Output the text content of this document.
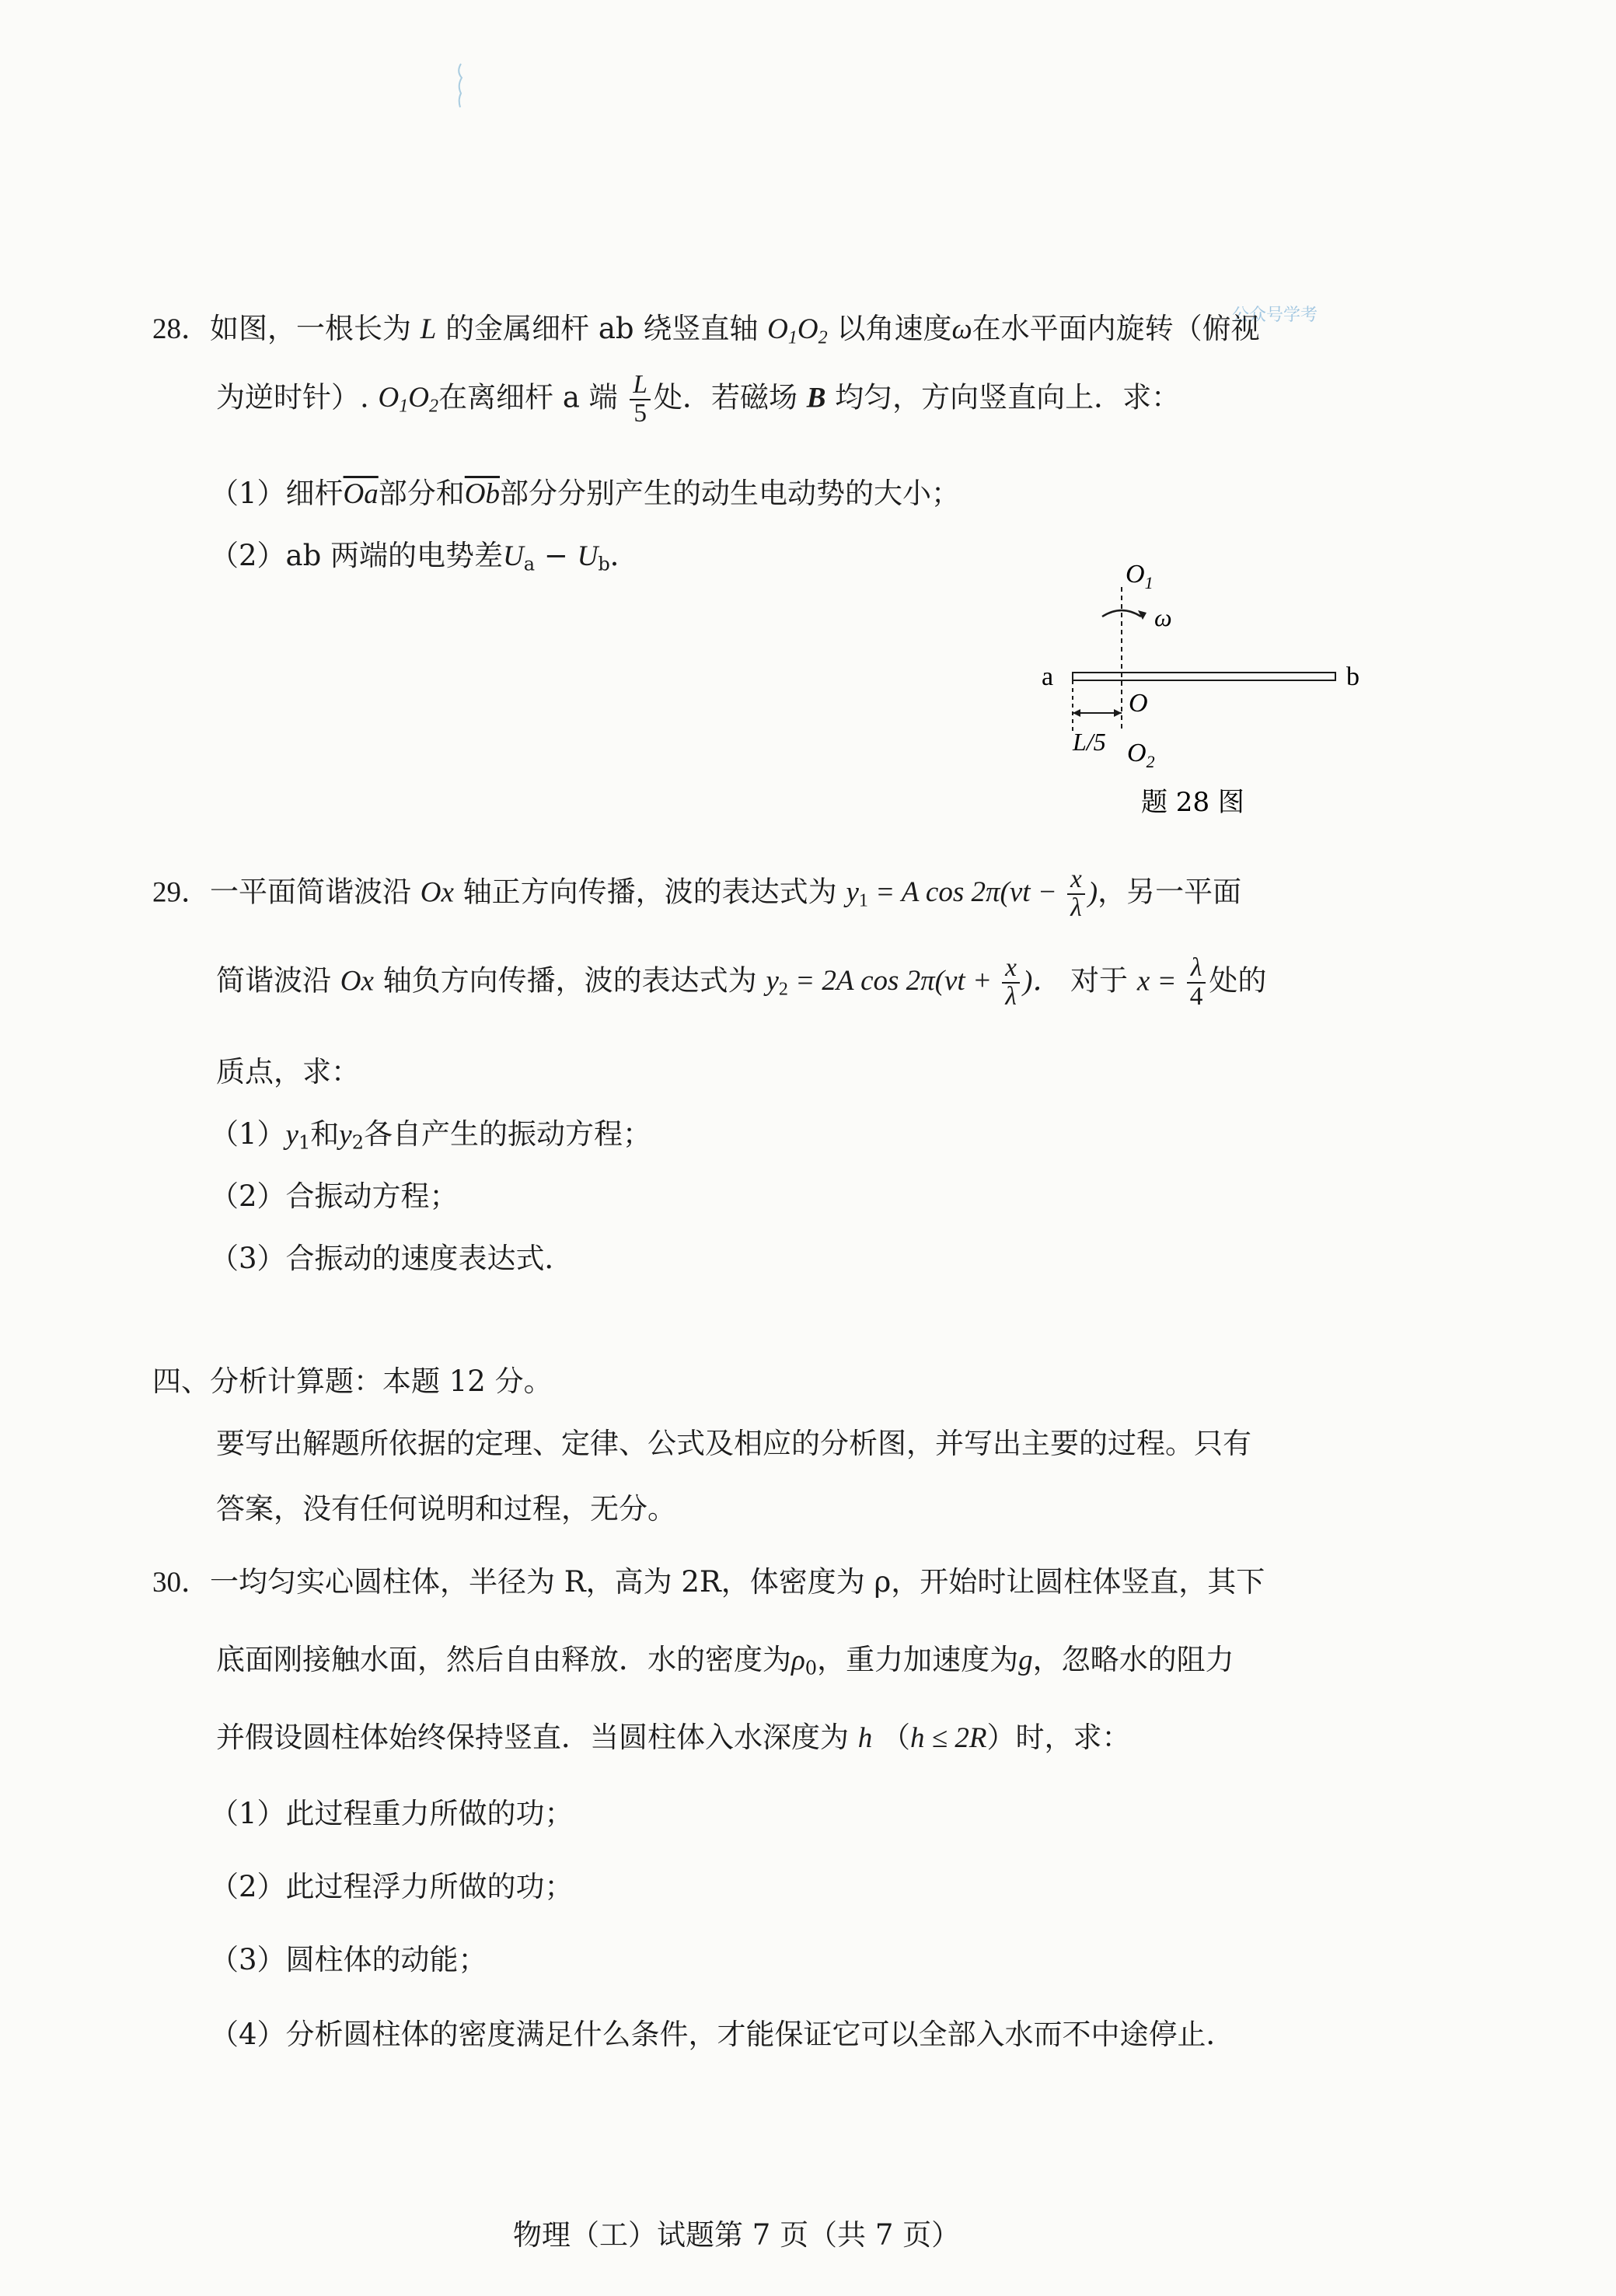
公众号学考
28．如图，一根长为 L 的金属细杆 ab 绕竖直轴 $O_1O_2$ 以角速度ω在水平面内旋转（俯视
为逆时针）. $O_1O_2$在离细杆 a 端 $\frac{L}{5}$ 处．若磁场 B 均匀，方向竖直向上．求：
（1）细杆$\overline{Oa}$部分和$\overline{Ob}$部分分别产生的动生电动势的大小；
（2）ab 两端的电势差$U_a - U_b$．
$O_1$
ω
a	b
O
L/5 $O_2$
题 28 图
29．一平面简谐波沿 Ox 轴正方向传播，波的表达式为 $y_1 = A$ $\cos 2\pi(\nu t - \frac{x}{\lambda}$ )，另一平面
简谐波沿 Ox 轴负方向传播，波的表达式为 $y_2 = 2A$ $\cos 2\pi(\nu t + \frac{x}{\lambda}$ )． 对于 $x = \frac{\lambda}{4}$ 处的
质点，求：
$(1)y_1$和$y_2$各自产生的振动方程；
（2）合振动方程；
（3）合振动的速度表达式．
四、分析计算题：本题 12 分。
要写出解题所依据的定理、定律、公式及相应的分析图，并写出主要的过程。只有
答案，没有任何说明和过程，无分。
30．一均匀实心圆柱体，半径为 R，高为 2R，体密度为 ρ，开始时让圆柱体竖直，其下
底面刚接触水面，然后自由释放．水的密度为$\rho_0$，重力加速度为g，忽略水的阻力
并假设圆柱体始终保持竖直．当圆柱体入水深度为 h （h ≤ 2R）时，求：
（1）此过程重力所做的功；
（2）此过程浮力所做的功；
（3）圆柱体的动能；
（4）分析圆柱体的密度满足什么条件，才能保证它可以全部入水而不中途停止．
物理（工）试题第 7 页（共 7 页）
